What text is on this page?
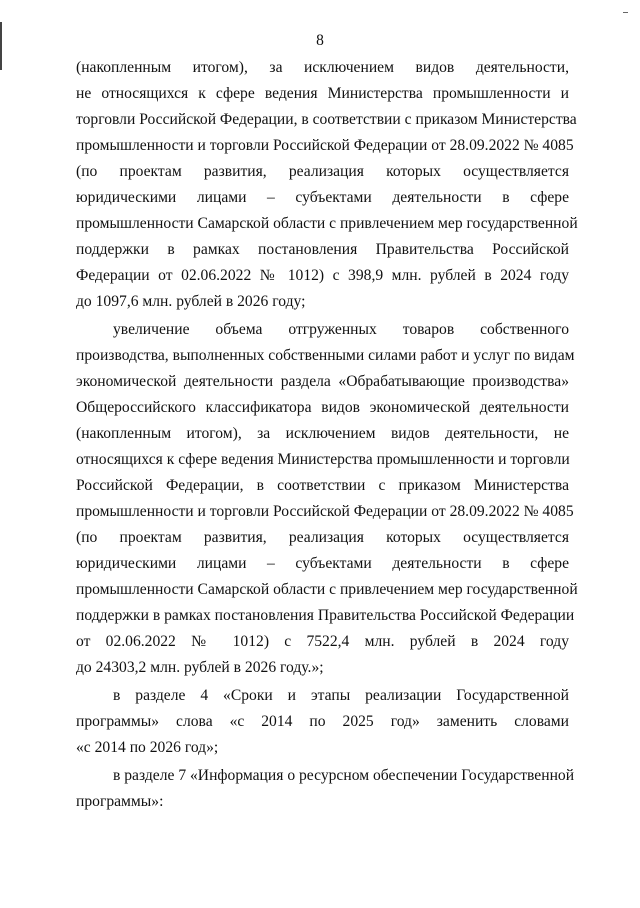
8
(накопленным итогом), за исключением видов деятельности,
не относящихся к сфере ведения Министерства промышленности и
торговли Российской Федерации, в соответствии с приказом Министерства
промышленности и торговли Российской Федерации от 28.09.2022 № 4085
(по проектам развития, реализация которых осуществляется
юридическими лицами – субъектами деятельности в сфере
промышленности Самарской области с привлечением мер государственной
поддержки в рамках постановления Правительства Российской
Федерации от 02.06.2022 № 1012) с 398,9 млн. рублей в 2024 году
до 1097,6 млн. рублей в 2026 году;
увеличение объема отгруженных товаров собственного
производства, выполненных собственными силами работ и услуг по видам
экономической деятельности раздела «Обрабатывающие производства»
Общероссийского классификатора видов экономической деятельности
(накопленным итогом), за исключением видов деятельности, не
относящихся к сфере ведения Министерства промышленности и торговли
Российской Федерации, в соответствии с приказом Министерства
промышленности и торговли Российской Федерации от 28.09.2022 № 4085
(по проектам развития, реализация которых осуществляется
юридическими лицами – субъектами деятельности в сфере
промышленности Самарской области с привлечением мер государственной
поддержки в рамках постановления Правительства Российской Федерации
от 02.06.2022 № 1012) с 7522,4 млн. рублей в 2024 году
до 24303,2 млн. рублей в 2026 году.»;
в разделе 4 «Сроки и этапы реализации Государственной
программы» слова «с 2014 по 2025 год» заменить словами
«с 2014 по 2026 год»;
в разделе 7 «Информация о ресурсном обеспечении Государственной
программы»:
